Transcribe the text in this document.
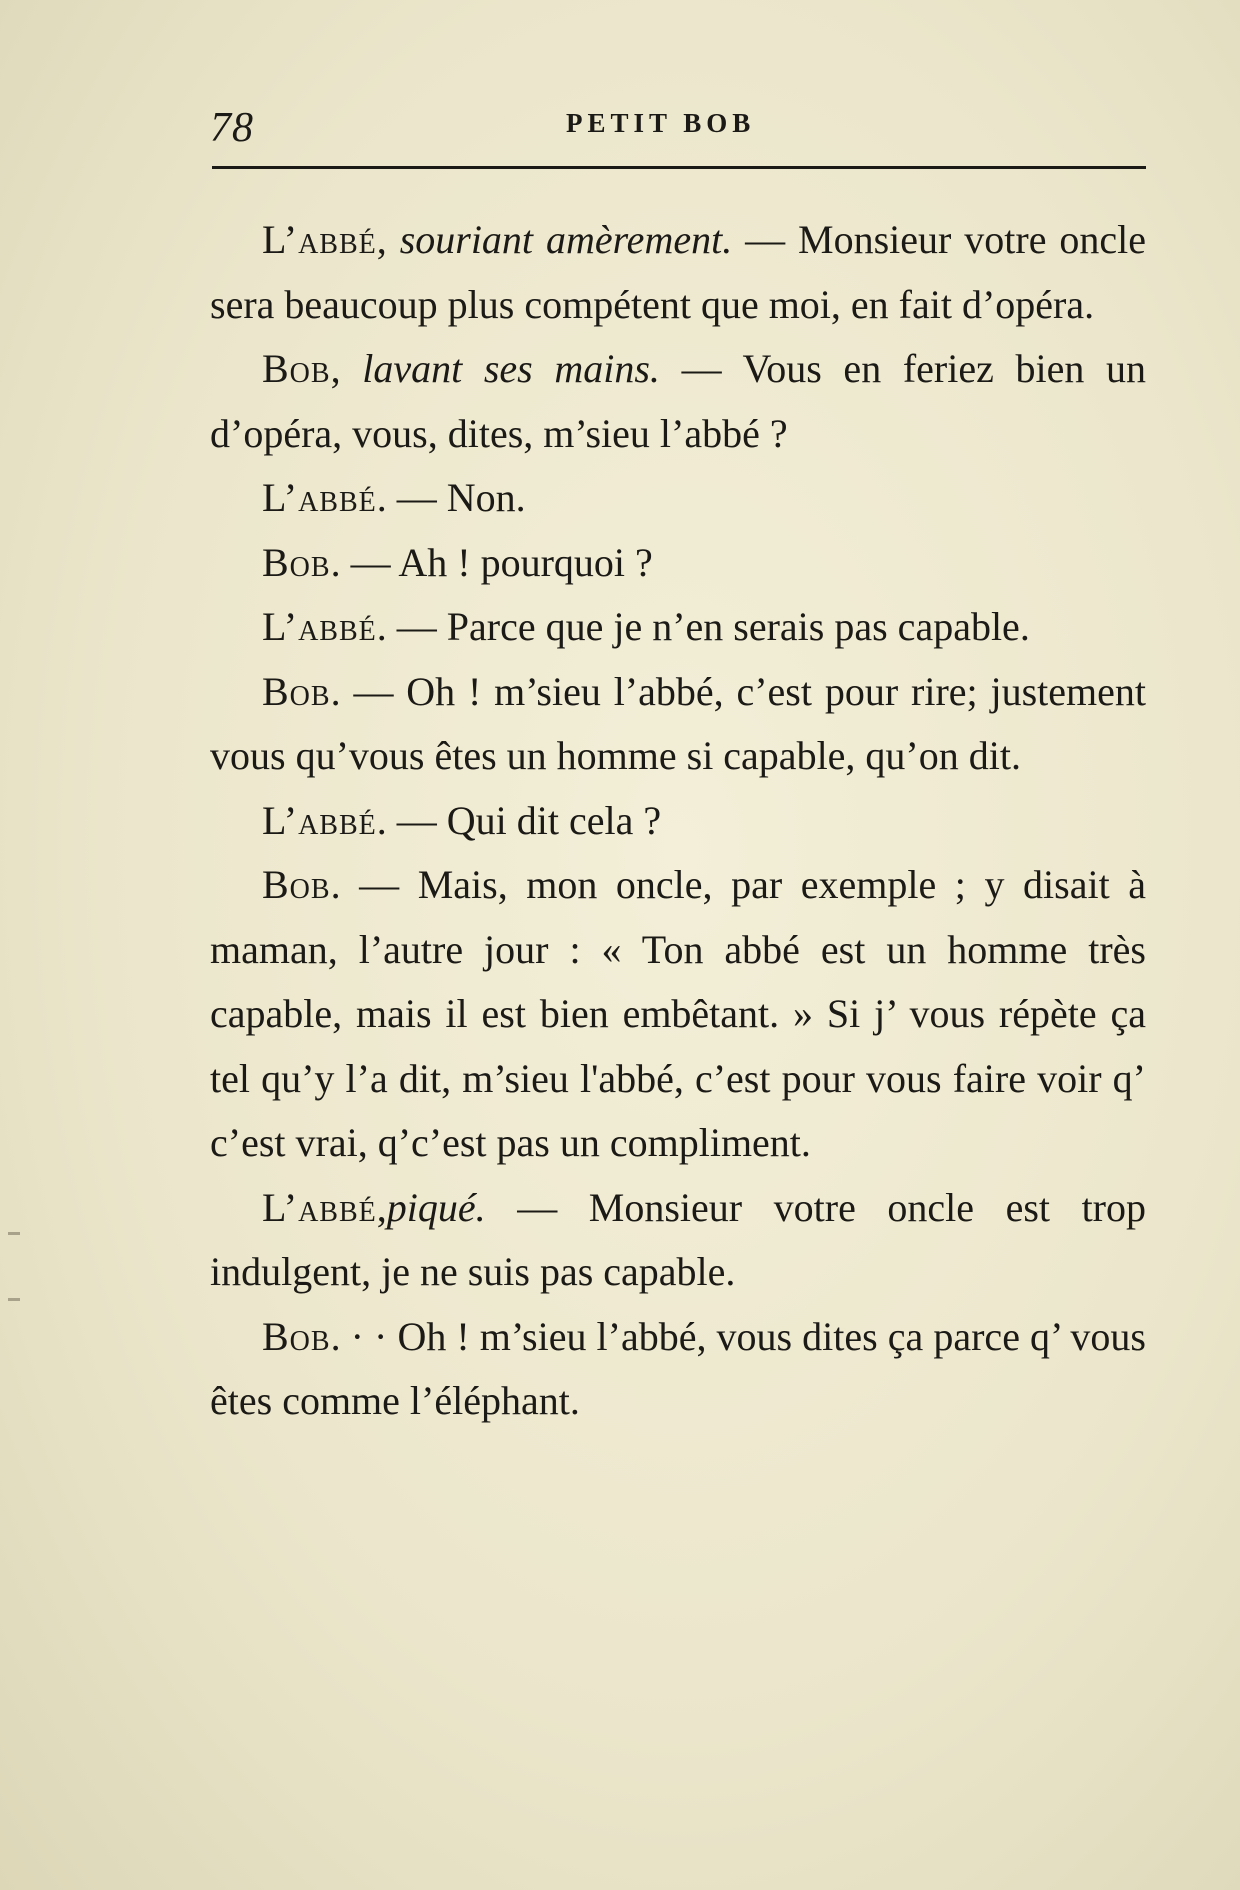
78	PETIT BOB

L’abbé, souriant amèrement. — Monsieur votre oncle sera beaucoup plus compétent que moi, en fait d’opéra.

Bob, lavant ses mains. — Vous en feriez bien un d’opéra, vous, dites, m’sieu l’abbé ?

L’abbé. — Non.

Bob. — Ah ! pourquoi ?

L’abbé. — Parce que je n’en serais pas capable.

Bob. — Oh ! m’sieu l’abbé, c’est pour rire; justement vous qu’vous êtes un homme si capable, qu’on dit.

L’abbé. — Qui dit cela ?

Bob. — Mais, mon oncle, par exemple ; y disait à maman, l’autre jour : « Ton abbé est un homme très capable, mais il est bien embêtant. » Si j’ vous répète ça tel qu’y l’a dit, m’sieu l'abbé, c’est pour vous faire voir q’ c’est vrai, q’c’est pas un compliment.

L’abbé,piqué. — Monsieur votre oncle est trop indulgent, je ne suis pas capable.

Bob. · · Oh ! m’sieu l’abbé, vous dites ça parce q’ vous êtes comme l’éléphant.
